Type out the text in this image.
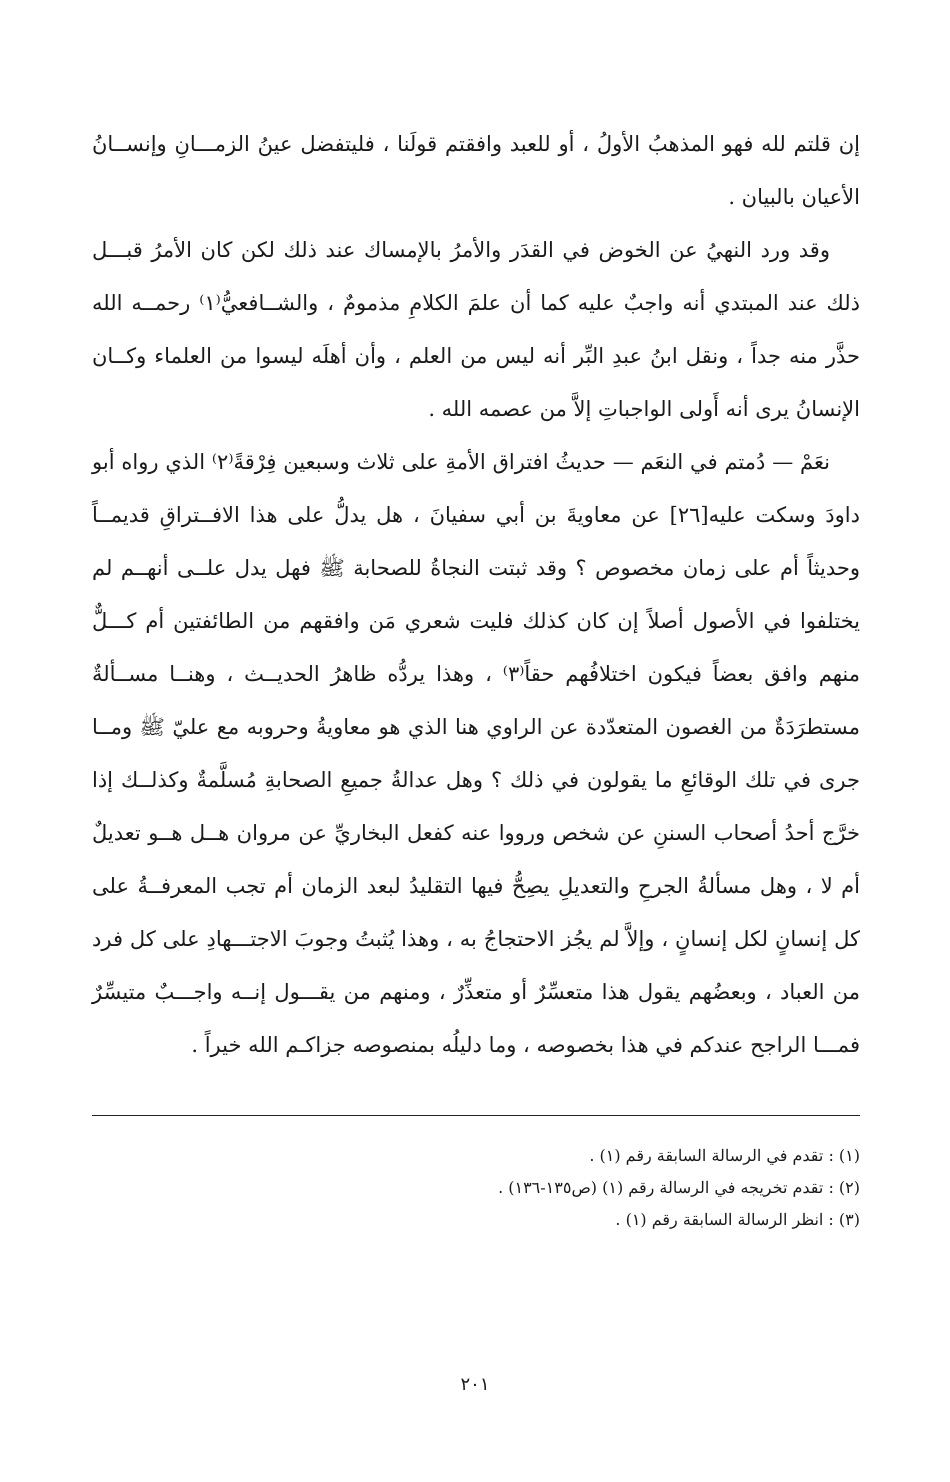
إن قلتم لله فهو المذهبُ الأولُ ، أو للعبد وافقتم قولَنا ، فليتفضل عينُ الزمـــانِ وإنســانُ الأعيان بالبيان .

وقد ورد النهيُ عن الخوض في القدَر والأمرُ بالإمساك عند ذلك لكن كان الأمرُ قبـــل ذلك عند المبتدي أنه واجبٌ عليه كما أن علمَ الكلامِ مذمومٌ ، والشــافعيُّ⁽١⁾ رحمــه الله حذَّر منه جداً ، ونقل ابنُ عبدِ البِّر أنه ليس من العلم ، وأن أهلَه ليسوا من العلماء وكــان الإنسانُ يرى أنه أَولى الواجباتِ إلاَّ من عصمه الله .

نعَمْ — دُمتم في النعَم — حديثُ افتراق الأمةِ على ثلاث وسبعين فِرْقةً⁽٢⁾ الذي رواه أبو داودَ وسكت عليه[٢٦] عن معاويةَ بن أبي سفيانَ ، هل يدلُّ على هذا الافــتراقِ قديمــاً وحديثاً أم على زمان مخصوص ؟ وقد ثبتت النجاةُ للصحابة ﷺ فهل يدل علــى أنهــم لم يختلفوا في الأصول أصلاً إن كان كذلك فليت شعري مَن وافقهم من الطائفتين أم كـــلٌّ منهم وافق بعضاً فيكون اختلافُهم حقاً⁽٣⁾ ، وهذا يردُّه ظاهرُ الحديــث ، وهنــا مســألةٌ مستطرَدَةٌ من الغصون المتعدّدة عن الراوي هنا الذي هو معاويةُ وحروبه مع عليّ ﷺ ومــا جرى في تلك الوقائعِ ما يقولون في ذلك ؟ وهل عدالةُ جميعِ الصحابةِ مُسلَّمةٌ وكذلــك إذا خرَّج أحدُ أصحاب السننِ عن شخص ورووا عنه كفعل البخاريِّ عن مروان هــل هــو تعديلٌ أم لا ، وهل مسألةُ الجرحِ والتعديلِ يصِحُّ فيها التقليدُ لبعد الزمان أم تجب المعرفــةُ على كل إنسانٍ لكل إنسانٍ ، وإلاَّ لم يجُز الاحتجاجُ به ، وهذا يُثبتُ وجوبَ الاجتـــهادِ على كل فرد من العباد ، وبعضُهم يقول هذا متعسِّرٌ أو متعذِّرٌ ، ومنهم من يقـــول إنــه واجـــبٌ متيسِّرٌ فمـــا الراجح عندكم في هذا بخصوصه ، وما دليلُه بمنصوصه جزاكـم الله خيراً .

(١) : تقدم في الرسالة السابقة رقم (١) .

(٢) : تقدم تخريجه في الرسالة رقم (١) (ص١٣٥-١٣٦) .

(٣) : انظر الرسالة السابقة رقم (١) .

٢٠١
